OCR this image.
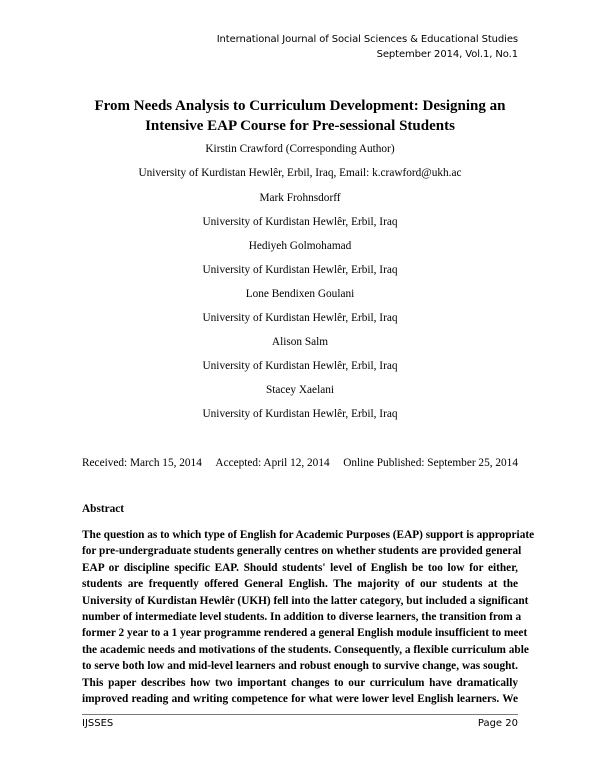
International Journal of Social Sciences & Educational Studies
September 2014, Vol.1, No.1
From Needs Analysis to Curriculum Development: Designing an
Intensive EAP Course for Pre-sessional Students
Kirstin Crawford (Corresponding Author)
University of Kurdistan Hewlêr, Erbil, Iraq, Email: k.crawford@ukh.ac
Mark Frohnsdorff
University of Kurdistan Hewlêr, Erbil, Iraq
Hediyeh Golmohamad
University of Kurdistan Hewlêr, Erbil, Iraq
Lone Bendixen Goulani
University of Kurdistan Hewlêr, Erbil, Iraq
Alison Salm
University of Kurdistan Hewlêr, Erbil, Iraq
Stacey Xaelani
University of Kurdistan Hewlêr, Erbil, Iraq
Received: March 15, 2014 Accepted: April 12, 2014 Online Published: September 25, 2014
Abstract
The question as to which type of English for Academic Purposes (EAP) support is appropriate
for pre-undergraduate students generally centres on whether students are provided general
EAP or discipline specific EAP. Should students' level of English be too low for either,
students are frequently offered General English. The majority of our students at the
University of Kurdistan Hewlêr (UKH) fell into the latter category, but included a significant
number of intermediate level students. In addition to diverse learners, the transition from a
former 2 year to a 1 year programme rendered a general English module insufficient to meet
the academic needs and motivations of the students. Consequently, a flexible curriculum able
to serve both low and mid-level learners and robust enough to survive change, was sought.
This paper describes how two important changes to our curriculum have dramatically
improved reading and writing competence for what were lower level English learners. We
IJSSES	Page 20
